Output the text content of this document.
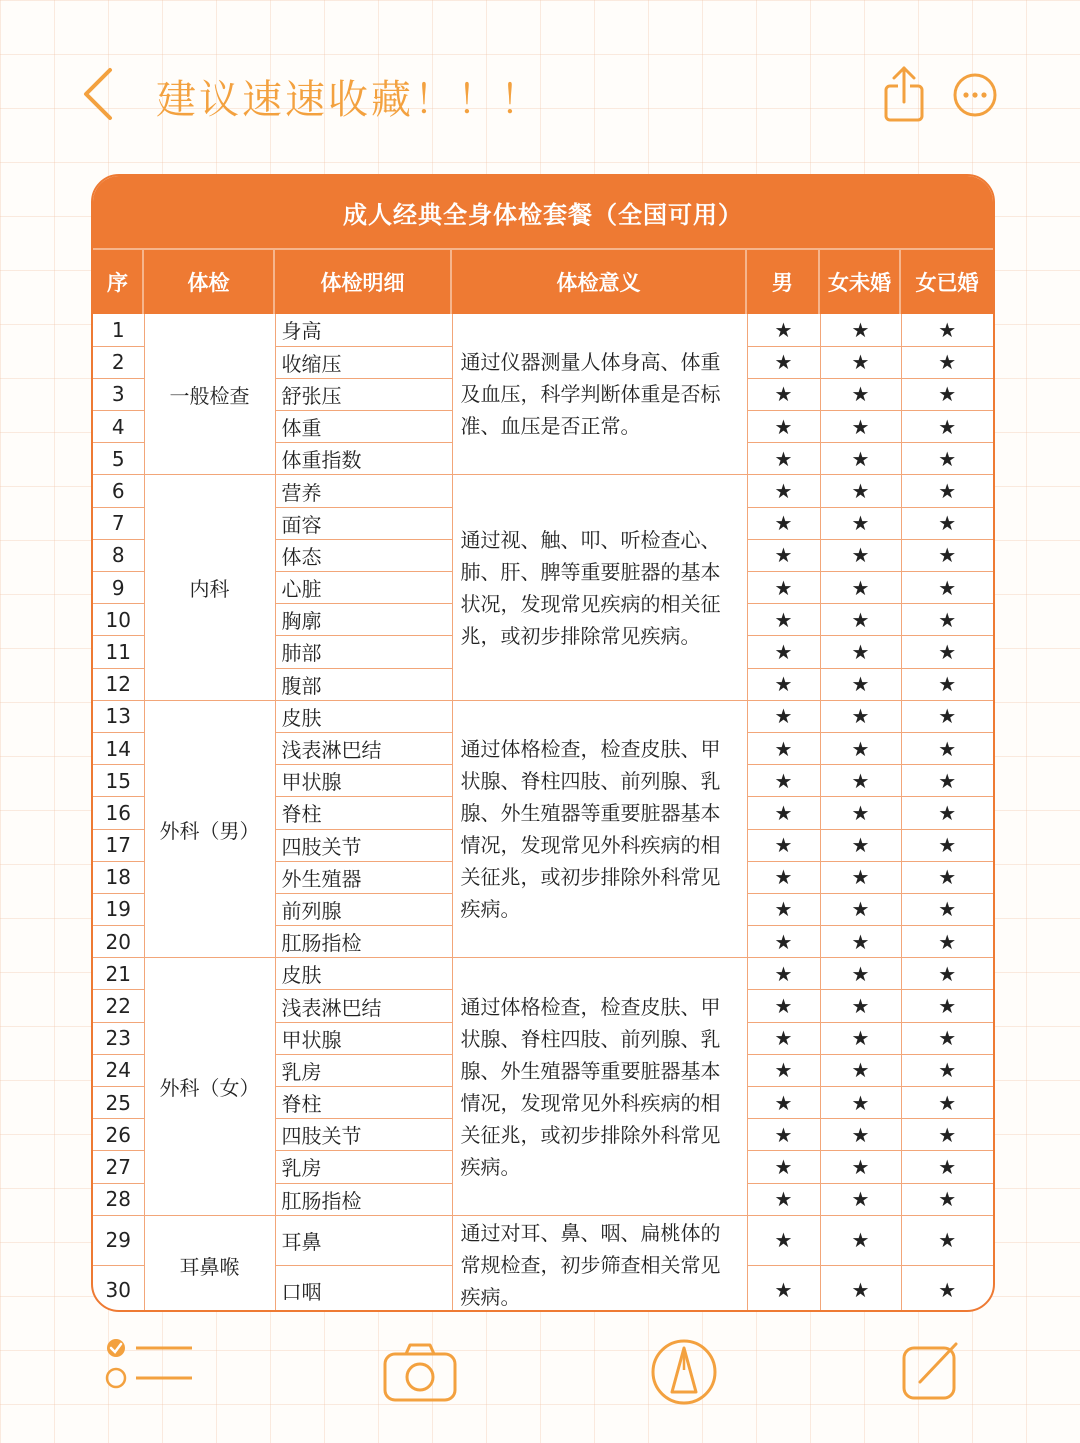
建议速速收藏！！！
成人经典全身体检套餐（全国可用）
序	体检	体检明细	体检意义	男	女未婚	女已婚
1	一般检查	身高	通过仪器测量人体身高、体重及血压，科学判断体重是否标准、血压是否正常。	★	★	★
2		收缩压		★	★	★
3		舒张压		★	★	★
4		体重		★	★	★
5		体重指数		★	★	★
6	内科	营养	通过视、触、叩、听检查心、肺、肝、脾等重要脏器的基本状况，发现常见疾病的相关征兆，或初步排除常见疾病。	★	★	★
7		面容		★	★	★
8		体态		★	★	★
9		心脏		★	★	★
10		胸廓		★	★	★
11		肺部		★	★	★
12		腹部		★	★	★
13	外科（男）	皮肤	通过体格检查，检查皮肤、甲状腺、脊柱四肢、前列腺、乳腺、外生殖器等重要脏器基本情况，发现常见外科疾病的相关征兆，或初步排除外科常见疾病。	★	★	★
14		浅表淋巴结		★	★	★
15		甲状腺		★	★	★
16		脊柱		★	★	★
17		四肢关节		★	★	★
18		外生殖器		★	★	★
19		前列腺		★	★	★
20		肛肠指检		★	★	★
21	外科（女）	皮肤	通过体格检查，检查皮肤、甲状腺、脊柱四肢、前列腺、乳腺、外生殖器等重要脏器基本情况，发现常见外科疾病的相关征兆，或初步排除外科常见疾病。	★	★	★
22		浅表淋巴结		★	★	★
23		甲状腺		★	★	★
24		乳房		★	★	★
25		脊柱		★	★	★
26		四肢关节		★	★	★
27		乳房		★	★	★
28		肛肠指检		★	★	★
29	耳鼻喉	耳鼻	通过对耳、鼻、咽、扁桃体的常规检查，初步筛查相关常见疾病。	★	★	★
30		口咽		★	★	★
